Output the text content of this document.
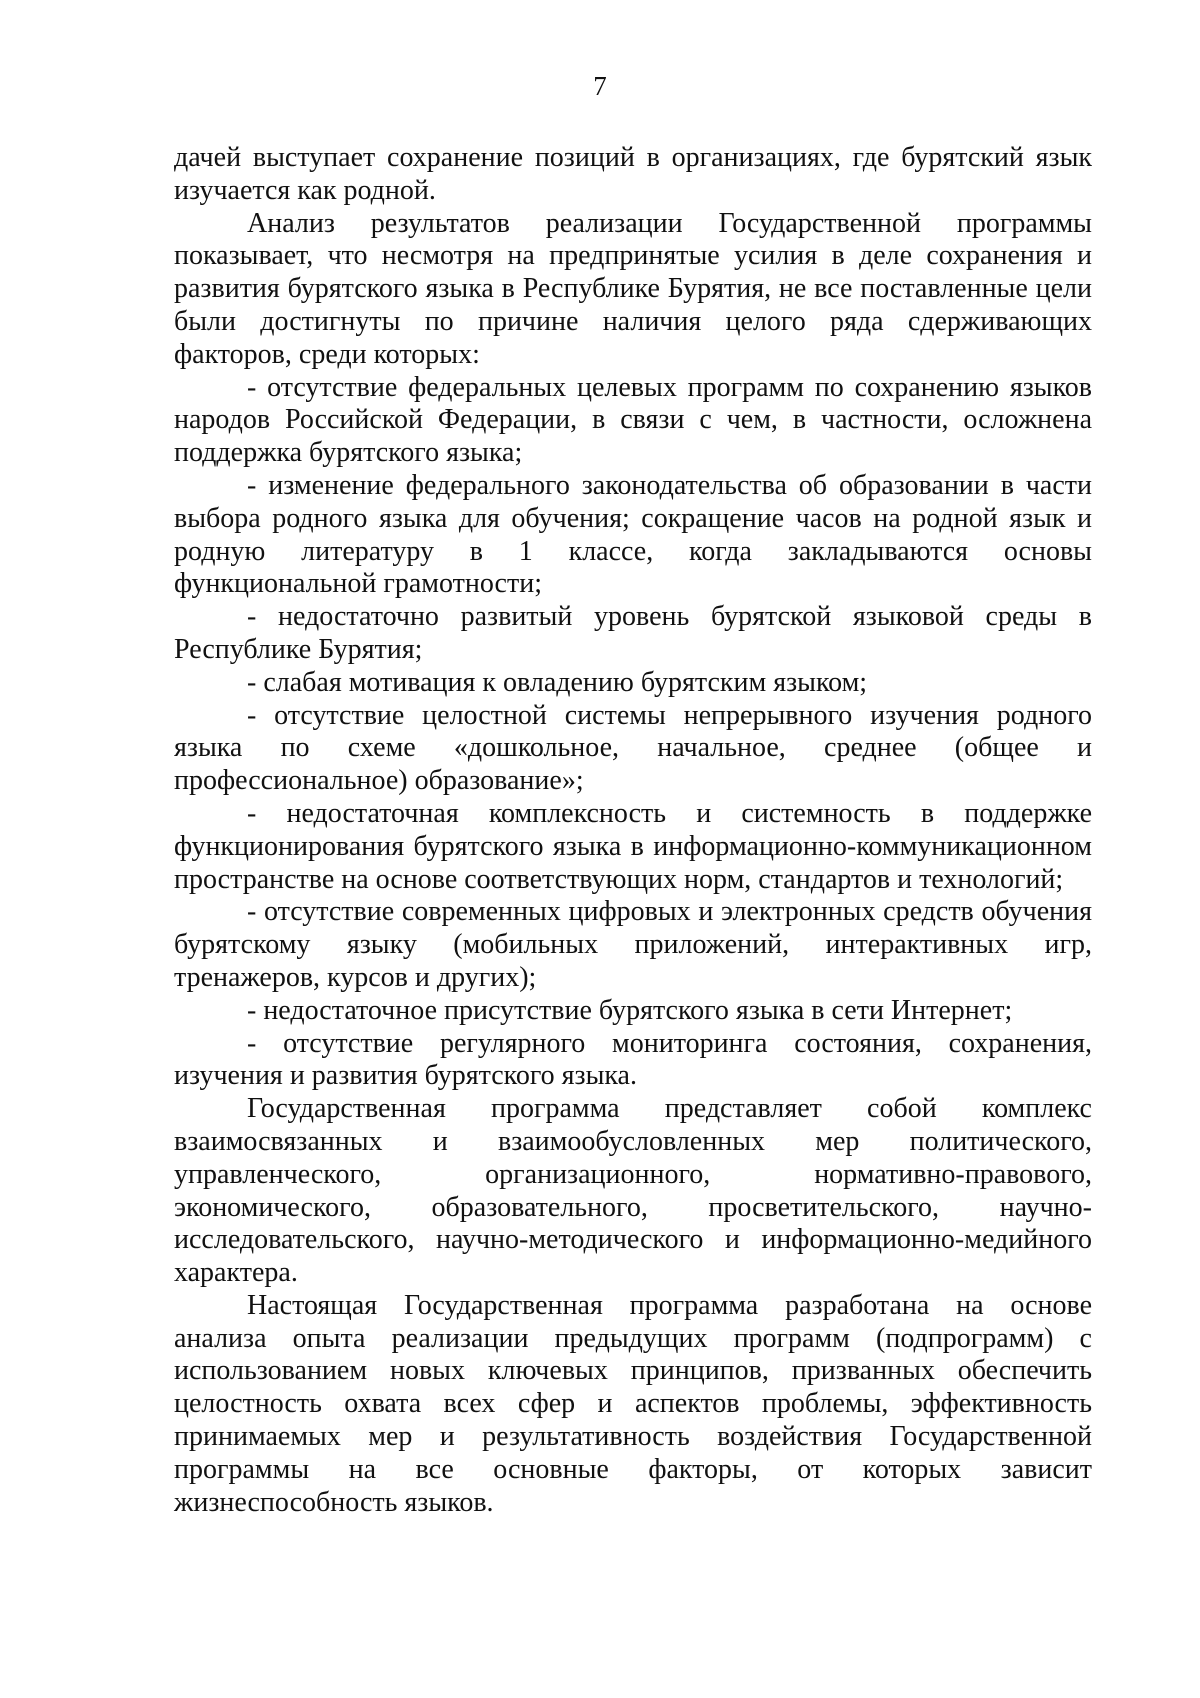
7

дачей выступает сохранение позиций в организациях, где бурятский язык изучается как родной.

Анализ результатов реализации Государственной программы показывает, что несмотря на предпринятые усилия в деле сохранения и развития бурятского языка в Республике Бурятия, не все поставленные цели были достигнуты по причине наличия целого ряда сдерживающих факторов, среди которых:

- отсутствие федеральных целевых программ по сохранению языков народов Российской Федерации, в связи с чем, в частности, осложнена поддержка бурятского языка;

- изменение федерального законодательства об образовании в части выбора родного языка для обучения; сокращение часов на родной язык и родную литературу в 1 классе, когда закладываются основы функциональной грамотности;

- недостаточно развитый уровень бурятской языковой среды в Республике Бурятия;

- слабая мотивация к овладению бурятским языком;

- отсутствие целостной системы непрерывного изучения родного языка по схеме «дошкольное, начальное, среднее (общее и профессиональное) образование»;

- недостаточная комплексность и системность в поддержке функционирования бурятского языка в информационно-коммуникационном пространстве на основе соответствующих норм, стандартов и технологий;

- отсутствие современных цифровых и электронных средств обучения бурятскому языку (мобильных приложений, интерактивных игр, тренажеров, курсов и других);

- недостаточное присутствие бурятского языка в сети Интернет;

- отсутствие регулярного мониторинга состояния, сохранения, изучения и развития бурятского языка.

Государственная программа представляет собой комплекс взаимосвязанных и взаимообусловленных мер политического, управленческого, организационного, нормативно-правового, экономического, образовательного, просветительского, научно-исследовательского, научно-методического и информационно-медийного характера.

Настоящая Государственная программа разработана на основе анализа опыта реализации предыдущих программ (подпрограмм) с использованием новых ключевых принципов, призванных обеспечить целостность охвата всех сфер и аспектов проблемы, эффективность принимаемых мер и результативность воздействия Государственной программы на все основные факторы, от которых зависит жизнеспособность языков.
